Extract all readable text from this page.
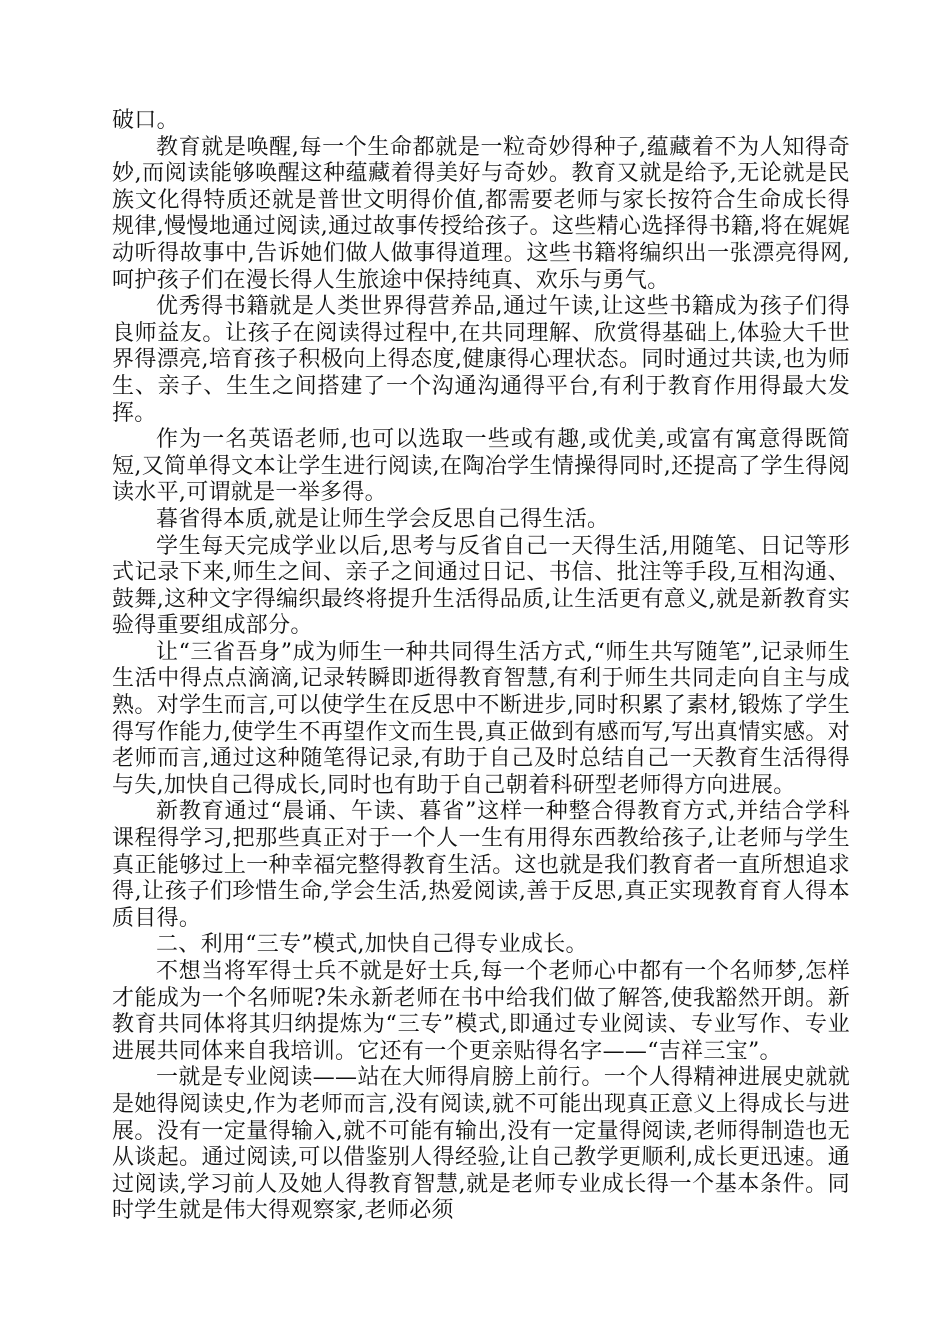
破口。

教育就是唤醒,每一个生命都就是一粒奇妙得种子,蕴藏着不为人知得奇妙,而阅读能够唤醒这种蕴藏着得美好与奇妙。教育又就是给予,无论就是民族文化得特质还就是普世文明得价值,都需要老师与家长按符合生命成长得规律,慢慢地通过阅读,通过故事传授给孩子。这些精心选择得书籍,将在娓娓动听得故事中,告诉她们做人做事得道理。这些书籍将编织出一张漂亮得网,呵护孩子们在漫长得人生旅途中保持纯真、欢乐与勇气。

优秀得书籍就是人类世界得营养品,通过午读,让这些书籍成为孩子们得良师益友。让孩子在阅读得过程中,在共同理解、欣赏得基础上,体验大千世界得漂亮,培育孩子积极向上得态度,健康得心理状态。同时通过共读,也为师生、亲子、生生之间搭建了一个沟通沟通得平台,有利于教育作用得最大发挥。

作为一名英语老师,也可以选取一些或有趣,或优美,或富有寓意得既简短,又简单得文本让学生进行阅读,在陶冶学生情操得同时,还提高了学生得阅读水平,可谓就是一举多得。

暮省得本质,就是让师生学会反思自己得生活。

学生每天完成学业以后,思考与反省自己一天得生活,用随笔、日记等形式记录下来,师生之间、亲子之间通过日记、书信、批注等手段,互相沟通、鼓舞,这种文字得编织最终将提升生活得品质,让生活更有意义,就是新教育实验得重要组成部分。

让“三省吾身”成为师生一种共同得生活方式,“师生共写随笔”,记录师生生活中得点点滴滴,记录转瞬即逝得教育智慧,有利于师生共同走向自主与成熟。对学生而言,可以使学生在反思中不断进步,同时积累了素材,锻炼了学生得写作能力,使学生不再望作文而生畏,真正做到有感而写,写出真情实感。对老师而言,通过这种随笔得记录,有助于自己及时总结自己一天教育生活得得与失,加快自己得成长,同时也有助于自己朝着科研型老师得方向进展。

新教育通过“晨诵、午读、暮省”这样一种整合得教育方式,并结合学科课程得学习,把那些真正对于一个人一生有用得东西教给孩子,让老师与学生真正能够过上一种幸福完整得教育生活。这也就是我们教育者一直所想追求得,让孩子们珍惜生命,学会生活,热爱阅读,善于反思,真正实现教育育人得本质目得。

二、利用“三专”模式,加快自己得专业成长。

不想当将军得士兵不就是好士兵,每一个老师心中都有一个名师梦,怎样才能成为一个名师呢?朱永新老师在书中给我们做了解答,使我豁然开朗。新教育共同体将其归纳提炼为“三专”模式,即通过专业阅读、专业写作、专业进展共同体来自我培训。它还有一个更亲贴得名字——“吉祥三宝”。

一就是专业阅读——站在大师得肩膀上前行。一个人得精神进展史就就是她得阅读史,作为老师而言,没有阅读,就不可能出现真正意义上得成长与进展。没有一定量得输入,就不可能有输出,没有一定量得阅读,老师得制造也无从谈起。通过阅读,可以借鉴别人得经验,让自己教学更顺利,成长更迅速。通过阅读,学习前人及她人得教育智慧,就是老师专业成长得一个基本条件。同时学生就是伟大得观察家,老师必须
